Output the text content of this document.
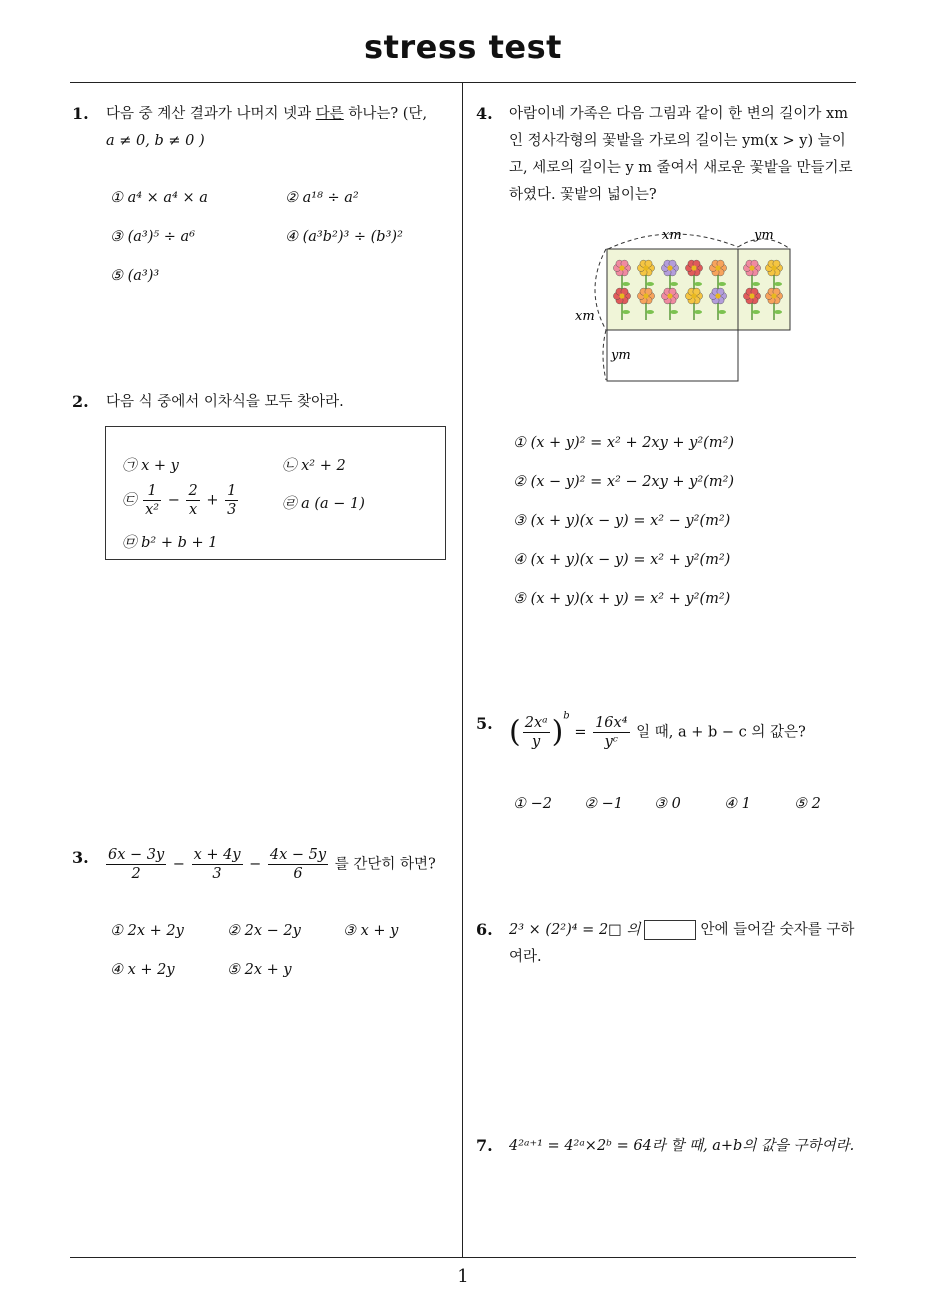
stress test
1
1. 다음 중 계산 결과가 나머지 넷과 다른 하나는? (단,
a ≠ 0, b ≠ 0 )
① a⁴ × a⁴ × a	② a¹⁸ ÷ a²
③ (a³)⁵ ÷ a⁶	④ (a³b²)³ ÷ (b³)²
⑤ (a³)³
2. 다음 식 중에서 이차식을 모두 찾아라.
㉠ x + y	㉡ x² + 2
㉢ $\frac{1}{\text{x²}} - \frac{2}{x} + \frac{1}{3}$	㉣ a (a − 1)
㉤ b² + b + 1
3. $\frac{6x - 3y}{2} - \frac{x + 4y}{3} - \frac{4x - 5y}{6}$ 를 간단히 하면?
① 2x + 2y	② 2x − 2y	③ x + y
④ x + 2y	⑤ 2x + y
4. 아람이네 가족은 다음 그림과 같이 한 변의 길이가 xm
인 정사각형의 꽃밭을 가로의 길이는 ym(x > y) 늘이
고, 세로의 길이는 y m 줄여서 새로운 꽃밭을 만들기로
하였다. 꽃밭의 넓이는?
xm	ym
xm
ym
① (x + y)² = x² + 2xy + y²(m²)
② (x − y)² = x² − 2xy + y²(m²)
③ (x + y)(x − y) = x² − y²(m²)
④ (x + y)(x − y) = x² + y²(m²)
⑤ (x + y)(x + y) = x² + y²(m²)
5. ( $\frac{\text{2xᵃ}}{y} )^b = \frac{\text{16x⁴}}{\text{yᶜ}}$ 일 때, a + b − c 의 값은?
① −2 ② −1 ③ 0	④ 1	⑤ 2
6. 2³ × (2²)⁴ = 2□ 의	안에 들어갈 숫자를 구하
여라.
7. 4²ᵃ⁺¹ = 4²ᵃ×2ᵇ = 64라 할 때, a+b의 값을 구하여라.
